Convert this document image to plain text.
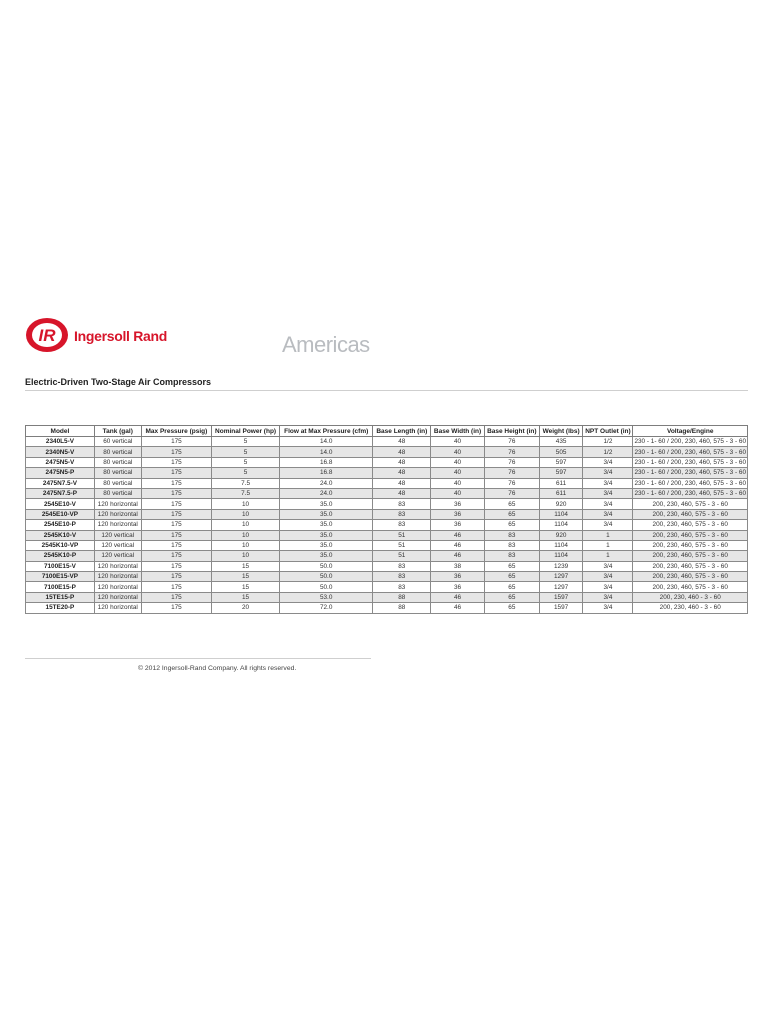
IR Ingersoll Rand	Americas
Electric-Driven Two-Stage Air Compressors
Model	Tank (gal)	Max Pressure (psig)	Nominal Power (hp)	Flow at Max Pressure (cfm)	Base Length (in)	Base Width (in)	Base Height (in)	Weight (lbs)	NPT Outlet (in)	Voltage/Engine
2340L5-V	60 vertical	175	5	14.0	48	40	76	435	1/2	230 - 1- 60 / 200, 230, 460, 575 - 3 - 60
2340N5-V	80 vertical	175	5	14.0	48	40	76	505	1/2	230 - 1- 60 / 200, 230, 460, 575 - 3 - 60
2475N5-V	80 vertical	175	5	16.8	48	40	76	597	3/4	230 - 1- 60 / 200, 230, 460, 575 - 3 - 60
2475N5-P	80 vertical	175	5	16.8	48	40	76	597	3/4	230 - 1- 60 / 200, 230, 460, 575 - 3 - 60
2475N7.5-V	80 vertical	175	7.5	24.0	48	40	76	611	3/4	230 - 1- 60 / 200, 230, 460, 575 - 3 - 60
2475N7.5-P	80 vertical	175	7.5	24.0	48	40	76	611	3/4	230 - 1- 60 / 200, 230, 460, 575 - 3 - 60
2545E10-V	120 horizontal	175	10	35.0	83	36	65	920	3/4	200, 230, 460, 575 - 3 - 60
2545E10-VP	120 horizontal	175	10	35.0	83	36	65	1104	3/4	200, 230, 460, 575 - 3 - 60
2545E10-P	120 horizontal	175	10	35.0	83	36	65	1104	3/4	200, 230, 460, 575 - 3 - 60
2545K10-V	120 vertical	175	10	35.0	51	46	83	920	1	200, 230, 460, 575 - 3 - 60
2545K10-VP	120 vertical	175	10	35.0	51	46	83	1104	1	200, 230, 460, 575 - 3 - 60
2545K10-P	120 vertical	175	10	35.0	51	46	83	1104	1	200, 230, 460, 575 - 3 - 60
7100E15-V	120 horizontal	175	15	50.0	83	38	65	1239	3/4	200, 230, 460, 575 - 3 - 60
7100E15-VP	120 horizontal	175	15	50.0	83	36	65	1297	3/4	200, 230, 460, 575 - 3 - 60
7100E15-P	120 horizontal	175	15	50.0	83	36	65	1297	3/4	200, 230, 460, 575 - 3 - 60
15TE15-P	120 horizontal	175	15	53.0	88	46	65	1597	3/4	200, 230, 460 - 3 - 60
15TE20-P	120 horizontal	175	20	72.0	88	46	65	1597	3/4	200, 230, 460 - 3 - 60
© 2012 Ingersoll-Rand Company. All rights reserved.
